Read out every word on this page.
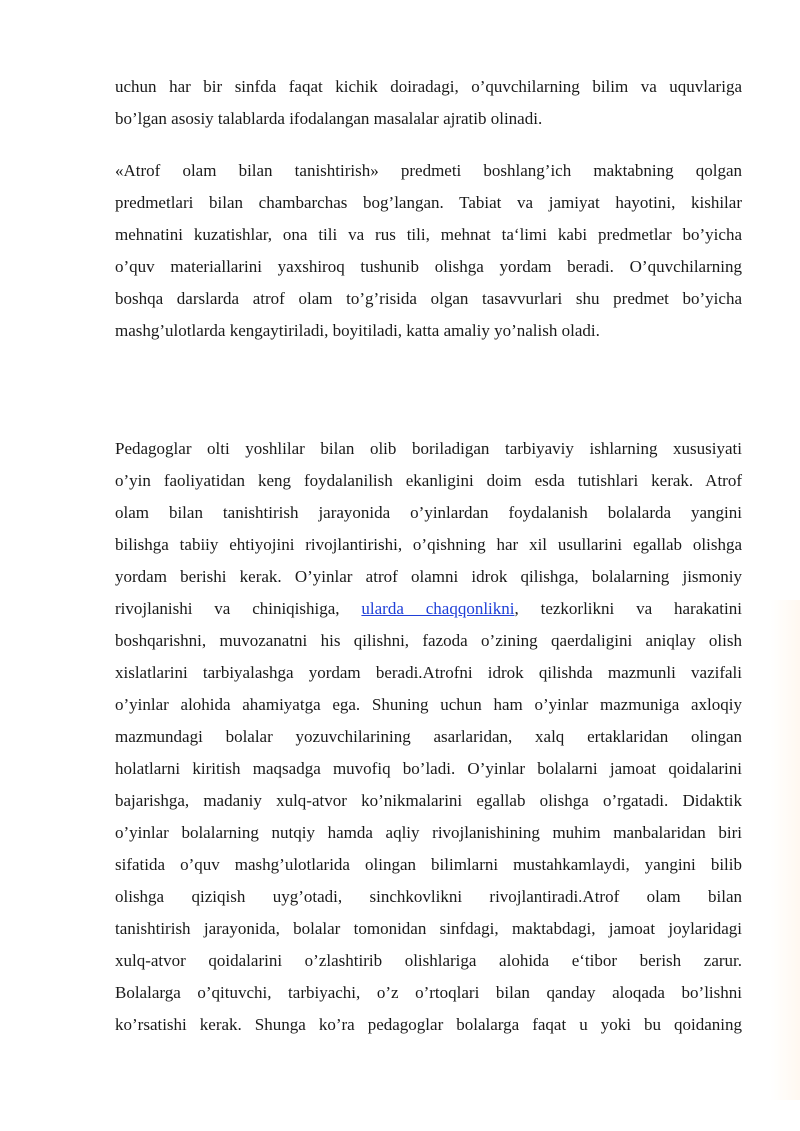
uchun har bir sinfda faqat kichik doiradagi, o’quvchilarning bilim va uquvlariga
bo’lgan asosiy talablarda ifodalangan masalalar ajratib olinadi.
«Atrof olam bilan tanishtirish» predmeti boshlang’ich maktabning qolgan
predmetlari bilan chambarchas bog’langan. Tabiat va jamiyat hayotini, kishilar
mehnatini kuzatishlar, ona tili va rus tili, mehnat ta‘limi kabi predmetlar bo’yicha
o’quv materiallarini yaxshiroq tushunib olishga yordam beradi. O’quvchilarning
boshqa darslarda atrof olam to’g’risida olgan tasavvurlari shu predmet bo’yicha
mashg’ulotlarda kengaytiriladi, boyitiladi, katta amaliy yo’nalish oladi.
Pedagoglar olti yoshlilar bilan olib boriladigan tarbiyaviy ishlarning xususiyati
o’yin faoliyatidan keng foydalanilish ekanligini doim esda tutishlari kerak. Atrof
olam bilan tanishtirish jarayonida o’yinlardan foydalanish bolalarda yangini
bilishga tabiiy ehtiyojini rivojlantirishi, o’qishning har xil usullarini egallab olishga
yordam berishi kerak. O’yinlar atrof olamni idrok qilishga, bolalarning jismoniy
rivojlanishi va chiniqishiga, ularda chaqqonlikni, tezkorlikni va harakatini
boshqarishni, muvozanatni his qilishni, fazoda o’zining qaerdaligini aniqlay olish
xislatlarini tarbiyalashga yordam beradi.Atrofni idrok qilishda mazmunli vazifali
o’yinlar alohida ahamiyatga ega. Shuning uchun ham o’yinlar mazmuniga axloqiy
mazmundagi bolalar yozuvchilarining asarlaridan, xalq ertaklaridan olingan
holatlarni kiritish maqsadga muvofiq bo’ladi. O’yinlar bolalarni jamoat qoidalarini
bajarishga, madaniy xulq-atvor ko’nikmalarini egallab olishga o’rgatadi. Didaktik
o’yinlar bolalarning nutqiy hamda aqliy rivojlanishining muhim manbalaridan biri
sifatida o’quv mashg’ulotlarida olingan bilimlarni mustahkamlaydi, yangini bilib
olishga qiziqish uyg’otadi, sinchkovlikni rivojlantiradi.Atrof olam bilan
tanishtirish jarayonida, bolalar tomonidan sinfdagi, maktabdagi, jamoat joylaridagi
xulq-atvor qoidalarini o’zlashtirib olishlariga alohida e‘tibor berish zarur.
Bolalarga o’qituvchi, tarbiyachi, o’z o’rtoqlari bilan qanday aloqada bo’lishni
ko’rsatishi kerak. Shunga ko’ra pedagoglar bolalarga faqat u yoki bu qoidaning
